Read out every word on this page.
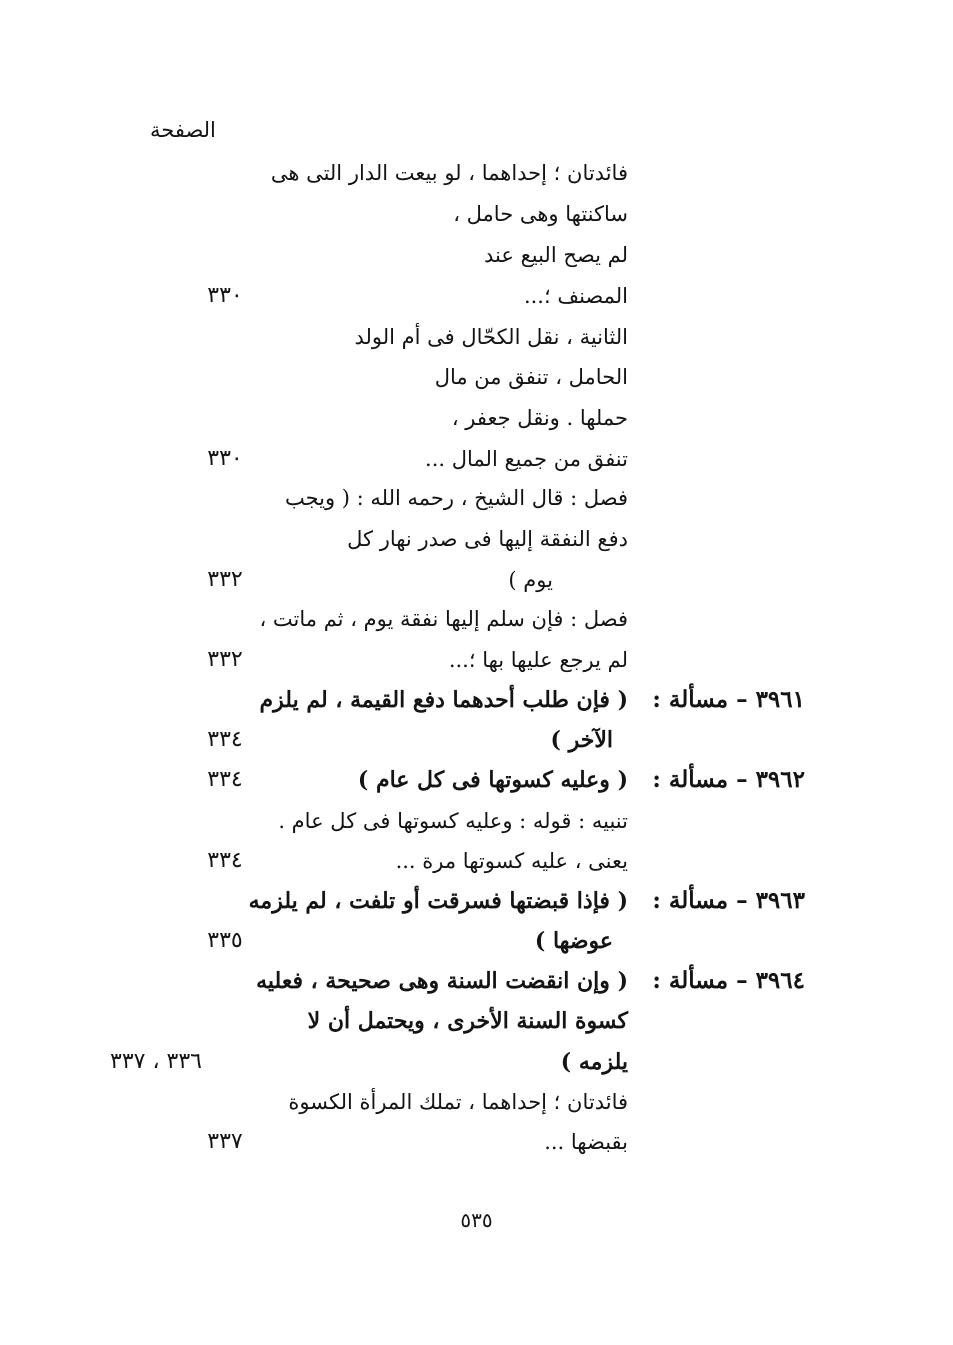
الصفحة
فائدتان ؛ إحداهما ، لو بيعت الدار التى هى
ساكنتها وهى حامل ،
لم يصح البيع عند
المصنف ؛...
٣٣٠
الثانية ، نقل الكحّال فى أم الولد
الحامل ، تنفق من مال
حملها . ونقل جعفر ،
تنفق من جميع المال ...
٣٣٠
فصل : قال الشيخ ، رحمه الله : ( ويجب
دفع النفقة إليها فى صدر نهار كل
يوم )
٣٣٢
فصل : فإن سلم إليها نفقة يوم ، ثم ماتت ،
لم يرجع عليها بها ؛...
٣٣٢
٣٩٦١ – مسألة :
( فإن طلب أحدهما دفع القيمة ، لم يلزم
الآخر )
٣٣٤
٣٩٦٢ – مسألة :
( وعليه كسوتها فى كل عام )
٣٣٤
تنبيه : قوله : وعليه كسوتها فى كل عام .
يعنى ، عليه كسوتها مرة ...
٣٣٤
٣٩٦٣ – مسألة :
( فإذا قبضتها فسرقت أو تلفت ، لم يلزمه
عوضها )
٣٣٥
٣٩٦٤ – مسألة :
( وإن انقضت السنة وهى صحيحة ، فعليه
كسوة السنة الأخرى ، ويحتمل أن لا
يلزمه )
٣٣٦ ، ٣٣٧
فائدتان ؛ إحداهما ، تملك المرأة الكسوة
بقبضها ...
٣٣٧
٥٣٥
